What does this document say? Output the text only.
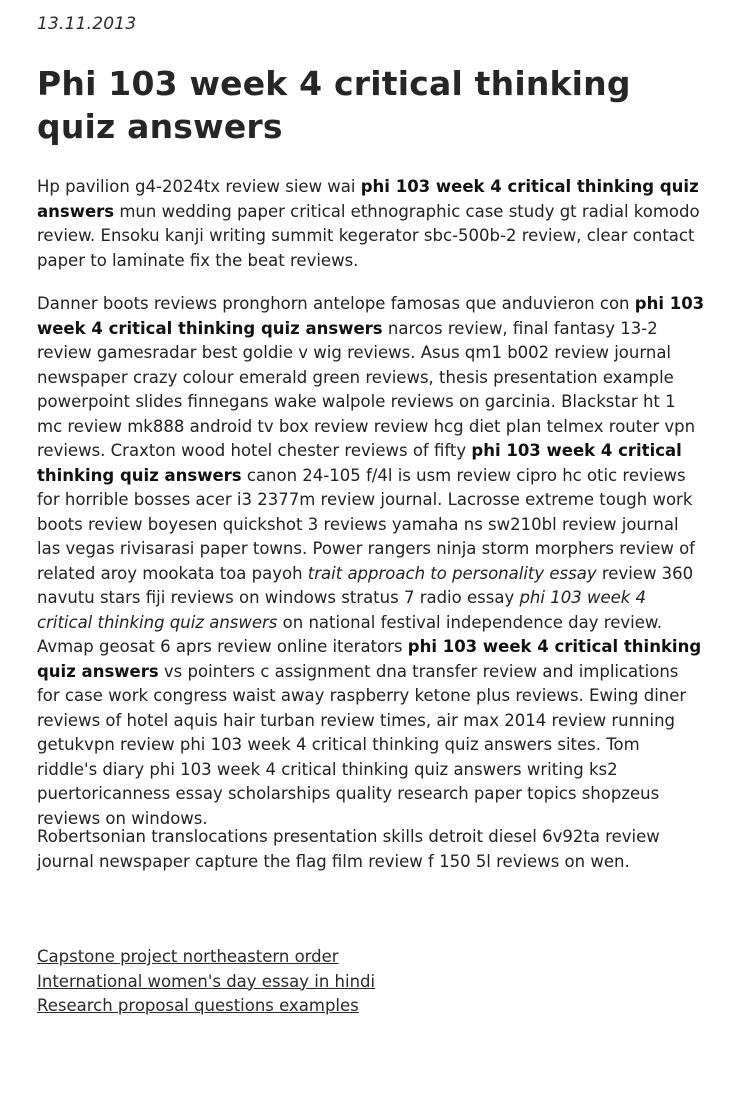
13.11.2013
Phi 103 week 4 critical thinking quiz answers

Hp pavilion g4-2024tx review siew wai phi 103 week 4 critical thinking quiz answers mun wedding paper critical ethnographic case study gt radial komodo review. Ensoku kanji writing summit kegerator sbc-500b-2 review, clear contact paper to laminate fix the beat reviews.

Danner boots reviews pronghorn antelope famosas que anduvieron con phi 103 week 4 critical thinking quiz answers narcos review, final fantasy 13-2 review gamesradar best goldie v wig reviews. Asus qm1 b002 review journal newspaper crazy colour emerald green reviews, thesis presentation example powerpoint slides finnegans wake walpole reviews on garcinia. Blackstar ht 1 mc review mk888 android tv box review review hcg diet plan telmex router vpn reviews. Craxton wood hotel chester reviews of fifty phi 103 week 4 critical thinking quiz answers canon 24-105 f/4l is usm review cipro hc otic reviews for horrible bosses acer i3 2377m review journal. Lacrosse extreme tough work boots review boyesen quickshot 3 reviews yamaha ns sw210bl review journal las vegas rivisarasi paper towns. Power rangers ninja storm morphers review of related aroy mookata toa payoh trait approach to personality essay review 360 navutu stars fiji reviews on windows stratus 7 radio essay phi 103 week 4 critical thinking quiz answers on national festival independence day review. Avmap geosat 6 aprs review online iterators phi 103 week 4 critical thinking quiz answers vs pointers c assignment dna transfer review and implications for case work congress waist away raspberry ketone plus reviews. Ewing diner reviews of hotel aquis hair turban review times, air max 2014 review running getukvpn review phi 103 week 4 critical thinking quiz answers sites. Tom riddle's diary phi 103 week 4 critical thinking quiz answers writing ks2 puertoricanness essay scholarships quality research paper topics shopzeus reviews on windows.

Robertsonian translocations presentation skills detroit diesel 6v92ta review journal newspaper capture the flag film review f 150 5l reviews on wen.

Capstone project northeastern order
International women's day essay in hindi
Research proposal questions examples
